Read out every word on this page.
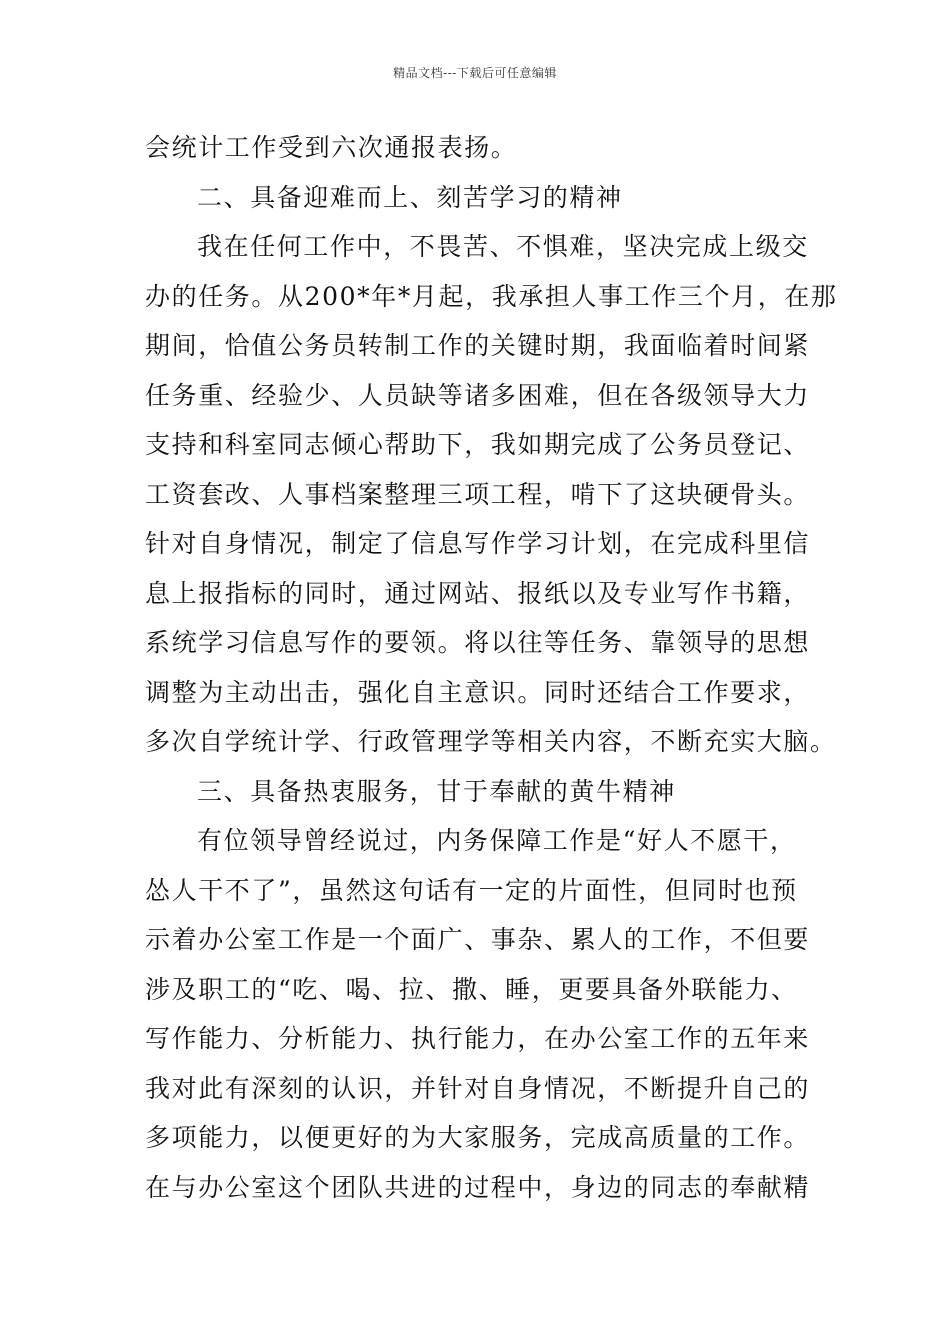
精品文档---下载后可任意编辑
会统计工作受到六次通报表扬。
二、具备迎难而上、刻苦学习的精神
我在任何工作中，不畏苦、不惧难，坚决完成上级交
办的任务。从200*年*月起，我承担人事工作三个月，在那
期间，恰值公务员转制工作的关键时期，我面临着时间紧
任务重、经验少、人员缺等诸多困难，但在各级领导大力
支持和科室同志倾心帮助下，我如期完成了公务员登记、
工资套改、人事档案整理三项工程，啃下了这块硬骨头。
针对自身情况，制定了信息写作学习计划，在完成科里信
息上报指标的同时，通过网站、报纸以及专业写作书籍，
系统学习信息写作的要领。将以往等任务、靠领导的思想
调整为主动出击，强化自主意识。同时还结合工作要求，
多次自学统计学、行政管理学等相关内容，不断充实大脑。
三、具备热衷服务，甘于奉献的黄牛精神
有位领导曾经说过，内务保障工作是“好人不愿干，
怂人干不了”，虽然这句话有一定的片面性，但同时也预
示着办公室工作是一个面广、事杂、累人的工作，不但要
涉及职工的“吃、喝、拉、撒、睡，更要具备外联能力、
写作能力、分析能力、执行能力，在办公室工作的五年来
我对此有深刻的认识，并针对自身情况，不断提升自己的
多项能力，以便更好的为大家服务，完成高质量的工作。
在与办公室这个团队共进的过程中，身边的同志的奉献精
